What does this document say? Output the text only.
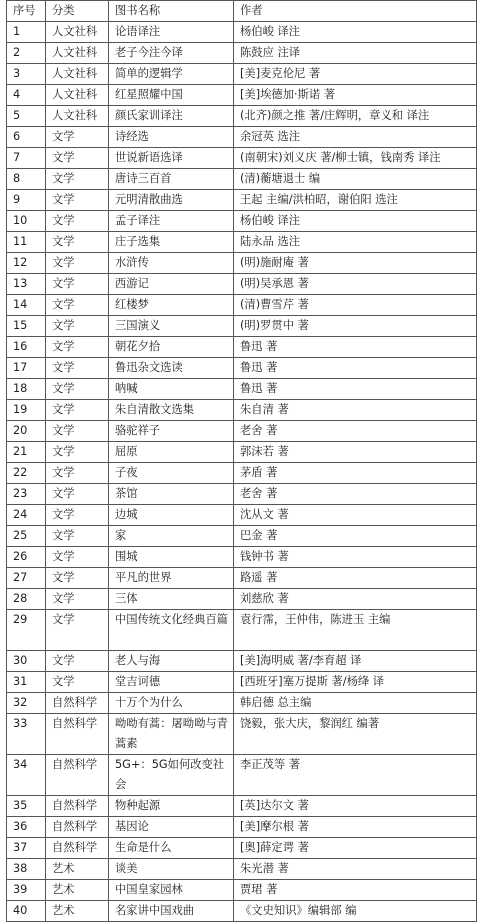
序号	分类	图书名称	作者
1	人文社科	论语译注	杨伯峻 译注
2	人文社科	老子今注今译	陈鼓应 注译
3	人文社科	简单的逻辑学	[美]麦克伦尼 著
4	人文社科	红星照耀中国	[美]埃德加·斯诺 著
5	人文社科	颜氏家训译注	(北齐)颜之推 著/庄辉明，章义和 译注
6	文学	诗经选	余冠英 选注
7	文学	世说新语选译	(南朝宋)刘义庆 著/柳士镇，钱南秀 译注
8	文学	唐诗三百首	(清)蘅塘退士 编
9	文学	元明清散曲选	王起 主编/洪柏昭，谢伯阳 选注
10	文学	孟子译注	杨伯峻 译注
11	文学	庄子选集	陆永品 选注
12	文学	水浒传	(明)施耐庵 著
13	文学	西游记	(明)吴承恩 著
14	文学	红楼梦	(清)曹雪芹 著
15	文学	三国演义	(明)罗贯中 著
16	文学	朝花夕拾	鲁迅 著
17	文学	鲁迅杂文选读	鲁迅 著
18	文学	呐喊	鲁迅 著
19	文学	朱自清散文选集	朱自清 著
20	文学	骆驼祥子	老舍 著
21	文学	屈原	郭沫若 著
22	文学	子夜	茅盾 著
23	文学	茶馆	老舍 著
24	文学	边城	沈从文 著
25	文学	家	巴金 著
26	文学	围城	钱钟书 著
27	文学	平凡的世界	路遥 著
28	文学	三体	刘慈欣 著
29	文学	中国传统文化经典百篇	袁行霈，王仲伟，陈进玉 主编
30	文学	老人与海	[美]海明威 著/李育超 译
31	文学	堂吉诃德	[西班牙]塞万提斯 著/杨绛 译
32	自然科学	十万个为什么	韩启德 总主编
33	自然科学	呦呦有蒿：屠呦呦与青蒿素	饶毅，张大庆，黎润红 编著
34	自然科学	5G+：5G如何改变社会	李正茂等 著
35	自然科学	物种起源	[英]达尔文 著
36	自然科学	基因论	[美]摩尔根 著
37	自然科学	生命是什么	[奥]薛定谔 著
38	艺术	谈美	朱光潜 著
39	艺术	中国皇家园林	贾珺 著
40	艺术	名家讲中国戏曲	《文史知识》编辑部 编
